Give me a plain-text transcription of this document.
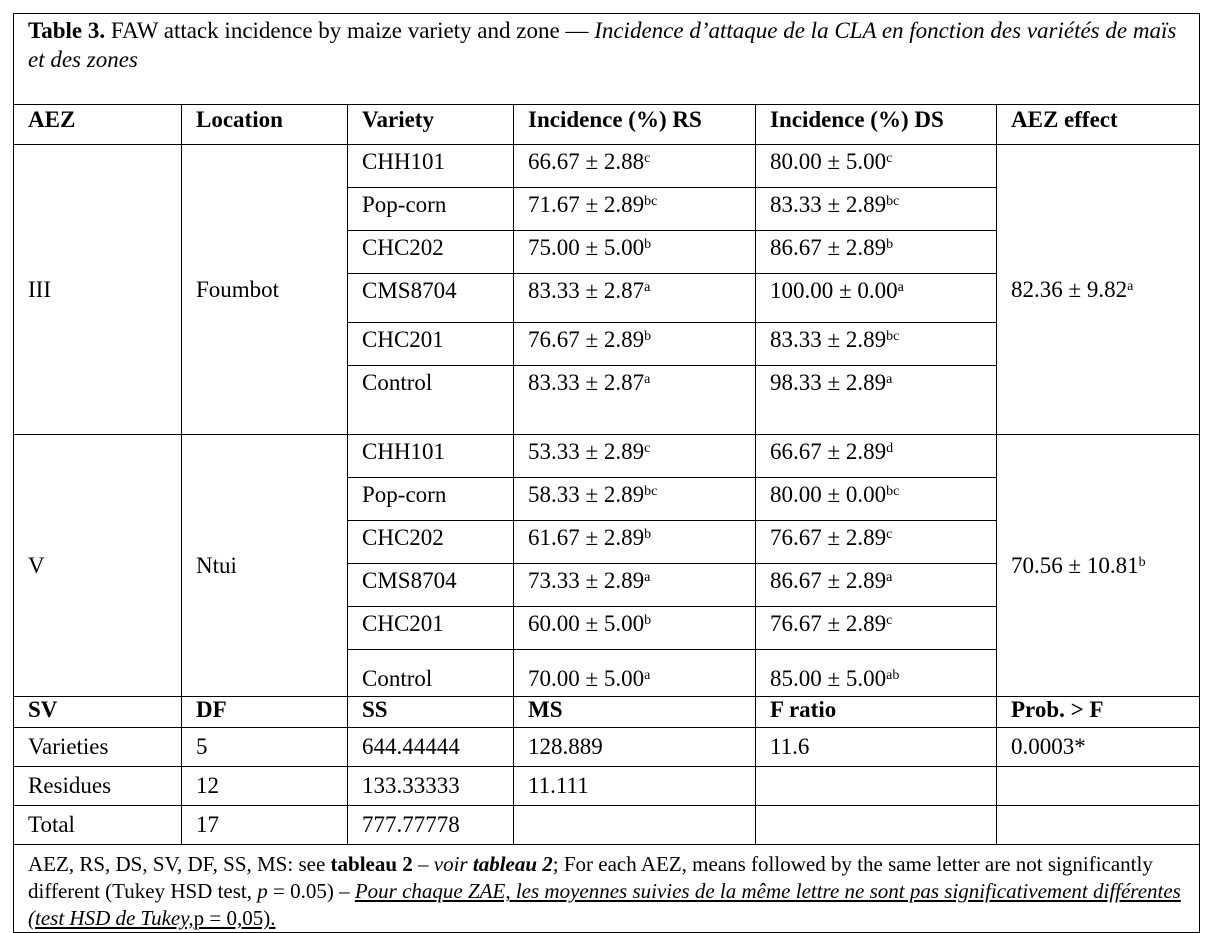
Table 3. FAW attack incidence by maize variety and zone — Incidence d’attaque de la CLA en fonction des variétés de maïs et des zones					
AEZ	Location	Variety	Incidence (%) RS	Incidence (%) DS	AEZ effect
III	Foumbot	CHH101	66.67 ± 2.88$^c$	80.00 ± 5.00$^c$	82.36 ± 9.82$^a$
		Pop-corn	71.67 ± 2.89$^{bc}$	83.33 ± 2.89$^{bc}$
		CHC202	75.00 ± 5.00$^b$	86.67 ± 2.89$^b$
		CMS8704	83.33 ± 2.87$^a$	100.00 ± 0.00$^a$
		CHC201	76.67 ± 2.89$^b$	83.33 ± 2.89$^{bc}$
		Control	83.33 ± 2.87$^a$	98.33 ± 2.89$^a$
V	Ntui	CHH101	53.33 ± 2.89$^c$	66.67 ± 2.89$^d$	70.56 ± 10.81$^b$
		Pop-corn	58.33 ± 2.89$^{bc}$	80.00 ± 0.00$^{bc}$
		CHC202	61.67 ± 2.89$^b$	76.67 ± 2.89$^c$
		CMS8704	73.33 ± 2.89$^a$	86.67 ± 2.89$^a$
		CHC201	60.00 ± 5.00$^b$	76.67 ± 2.89$^c$
		Control	70.00 ± 5.00$^a$	85.00 ± 5.00$^{ab}$
SV	DF	SS	MS	F ratio	Prob. > F
Varieties	5	644.44444	128.889	11.6	0.0003*
Residues	12	133.33333	11.111		
Total	17	777.77778			
AEZ, RS, DS, SV, DF, SS, MS: see tableau 2 – voir tableau 2; For each AEZ, means followed by the same letter are not significantly different (Tukey HSD test, p = 0.05) – Pour chaque ZAE, les moyennes suivies de la même lettre ne sont pas significativement différentes (test HSD de Tukey,p = 0,05).					
